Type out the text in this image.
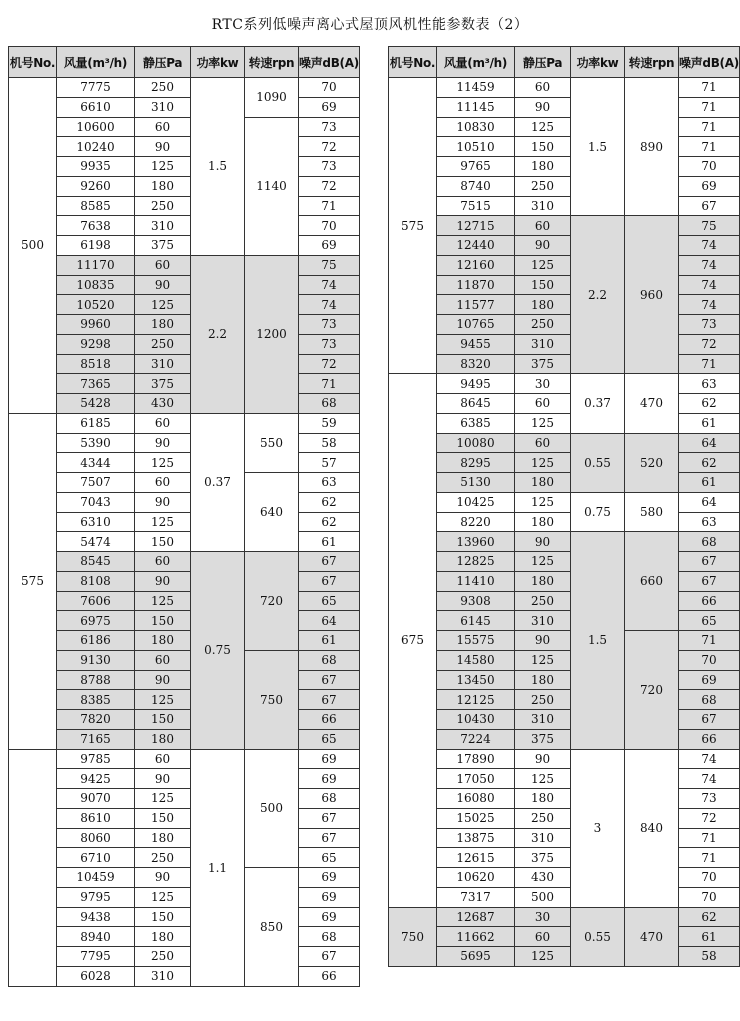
RTC系列低噪声离心式屋顶风机性能参数表（2）
机号No.	风量(m³/h)	静压Pa	功率kw	转速rpn	噪声dB(A)
500	7775	250	1.5	1090	70
	6610	310			69
	10600	60		1140	73
	10240	90			72
	9935	125			73
	9260	180			72
	8585	250			71
	7638	310			70
	6198	375			69
	11170	60	2.2	1200	75
	10835	90			74
	10520	125			74
	9960	180			73
	9298	250			73
	8518	310			72
	7365	375			71
	5428	430			68
575	6185	60	0.37	550	59
	5390	90			58
	4344	125			57
	7507	60		640	63
	7043	90			62
	6310	125			62
	5474	150			61
	8545	60	0.75	720	67
	8108	90			67
	7606	125			65
	6975	150			64
	6186	180			61
	9130	60		750	68
	8788	90			67
	8385	125			67
	7820	150			66
	7165	180			65
	9785	60	1.1	500	69
	9425	90			69
	9070	125			68
	8610	150			67
	8060	180			67
	6710	250			65
	10459	90		850	69
	9795	125			69
	9438	150			69
	8940	180			68
	7795	250			67
	6028	310			66
机号No.	风量(m³/h)	静压Pa	功率kw	转速rpn	噪声dB(A)
575	11459	60	1.5	890	71
	11145	90			71
	10830	125			71
	10510	150			71
	9765	180			70
	8740	250			69
	7515	310			67
	12715	60	2.2	960	75
	12440	90			74
	12160	125			74
	11870	150			74
	11577	180			74
	10765	250			73
	9455	310			72
	8320	375			71
675	9495	30	0.37	470	63
	8645	60			62
	6385	125			61
	10080	60	0.55	520	64
	8295	125			62
	5130	180			61
	10425	125	0.75	580	64
	8220	180			63
	13960	90	1.5	660	68
	12825	125			67
	11410	180			67
	9308	250			66
	6145	310			65
	15575	90		720	71
	14580	125			70
	13450	180			69
	12125	250			68
	10430	310			67
	7224	375			66
	17890	90	3	840	74
	17050	125			74
	16080	180			73
	15025	250			72
	13875	310			71
	12615	375			71
	10620	430			70
	7317	500			70
750	12687	30	0.55	470	62
	11662	60			61
	5695	125			58
